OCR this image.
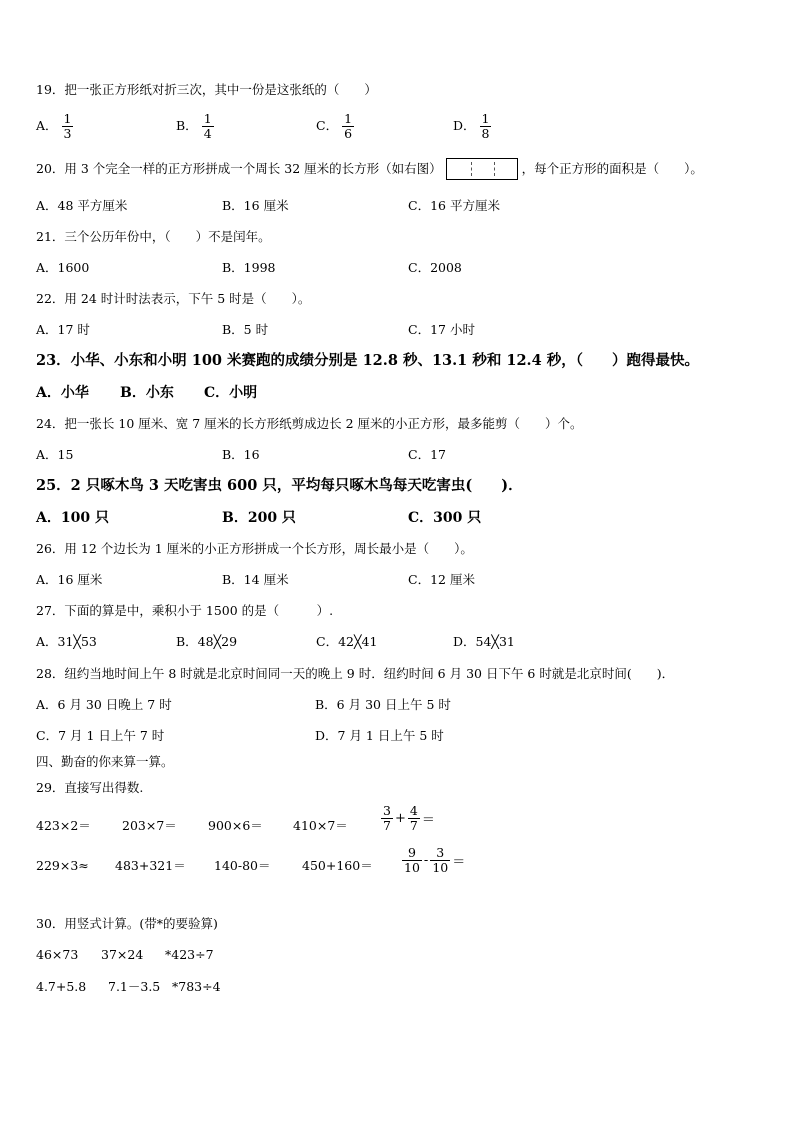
19．把一张正方形纸对折三次，其中一份是这张纸的（　　）
A． $\frac{1}{3}$	B． $\frac{1}{4}$	C． $\frac{1}{6}$	D． $\frac{1}{8}$
20．用 3 个完全一样的正方形拼成一个周长 32 厘米的长方形（如右图）	，每个正方形的面积是（　　）。
A．48 平方厘米	B．16 厘米	C．16 平方厘米
21．三个公历年份中，（　　）不是闰年。
A．1600	B．1998	C．2008
22．用 24 时计时法表示，下午 5 时是（　　）。
A．17 时	B．5 时	C．17 小时
23．小华、小东和小明 100 米赛跑的成绩分别是 12.8 秒、13.1 秒和 12.4 秒，（　　）跑得最快。
A．小华 B．小东 C．小明
24．把一张长 10 厘米、宽 7 厘米的长方形纸剪成边长 2 厘米的小正方形，最多能剪（　　）个。
A．15	B．16	C．17
25．2 只啄木鸟 3 天吃害虫 600 只，平均每只啄木鸟每天吃害虫(　　)．
A．100 只	B．200 只	C．300 只
26．用 12 个边长为 1 厘米的小正方形拼成一个长方形，周长最小是（　　）。
A．16 厘米	B．14 厘米	C．12 厘米
27．下面的算是中，乘积小于 1500 的是（　　　）.
A．31╳53	B．48╳29	C．42╳41	D．54╳31
28．纽约当地时间上午 8 时就是北京时间同一天的晚上 9 时．纽约时间 6 月 30 日下午 6 时就是北京时间(　　)．
A．6 月 30 日晚上 7 时	B．6 月 30 日上午 5 时
C．7 月 1 日上午 7 时	D．7 月 1 日上午 5 时
四、勤奋的你来算一算。
29．直接写出得数.
423×2＝ 203×7＝ 900×6＝ 410×7＝	$\frac{3}{7} + \frac{4}{7}$ ＝
229×3≈ 483+321＝ 140-80＝	$450+160= \frac{9}{10} - \frac{3}{10}$ ＝
30．用竖式计算。(带*的要验算)
46×73 37×24 *423÷7
4.7+5.8 7.1－3.5 *783÷4
